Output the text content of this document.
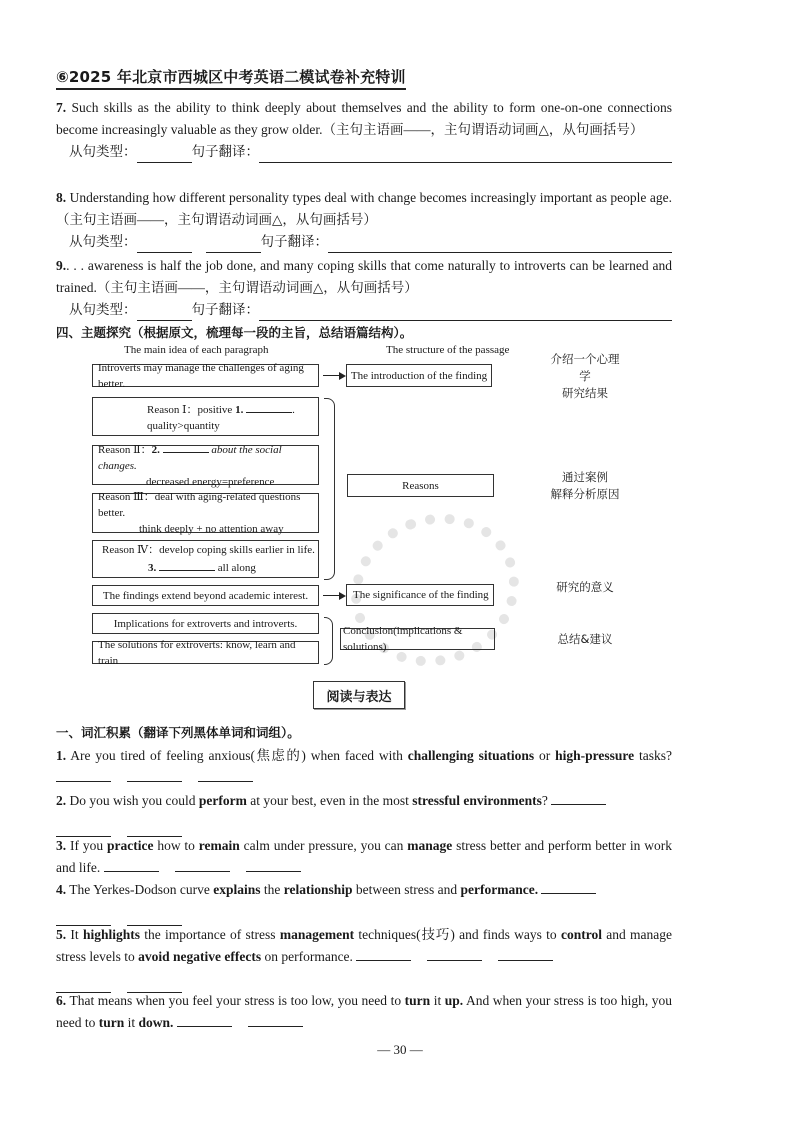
⑥2025 年北京市西城区中考英语二模试卷补充特训
7. Such skills as the ability to think deeply about themselves and the ability to form one-on-one connections become increasingly valuable as they grow older.（主句主语画——，主句谓语动词画△，从句画括号）
从句类型：	句子翻译：
8. Understanding how different personality types deal with change becomes increasingly important as people age.（主句主语画——，主句谓语动词画△，从句画括号）
从句类型：	句子翻译：
9.. . . awareness is half the job done, and many coping skills that come naturally to introverts can be learned and trained.（主句主语画——，主句谓语动词画△，从句画括号）
从句类型：	句子翻译：
四、主题探究（根据原文，梳理每一段的主旨，总结语篇结构）。
The main idea of each paragraph	The structure of the passage
Introverts may manage the challenges of aging better.
The introduction of the finding
介绍一个心理学
研究结果
Reason Ⅰ：positive 1.	.
quality>quantity
Reason Ⅱ：2.	about the social changes.
decreased energy=preference
Reason Ⅲ：deal with aging-related questions better.
think deeply + no attention away
Reason Ⅳ：develop coping skills earlier in life.
3.	all along
Reasons
通过案例
解释分析原因
The findings extend beyond academic interest.	The significance of the finding
研究的意义
Implications for extroverts and introverts.
The solutions for extroverts: know, learn and train
Conclusion(implications & solutions)
总结&建议
阅读与表达
一、词汇积累（翻译下列黑体单词和词组）。
1. Are you tired of feeling anxious(焦虑的) when faced with challenging situations or high-pressure tasks?
2. Do you wish you could perform at your best, even in the most stressful environments?

3. If you practice how to remain calm under pressure, you can manage stress better and perform better in work and life.
4. The Yerkes-Dodson curve explains the relationship between stress and performance.

5. It highlights the importance of stress management techniques(技巧) and finds ways to control and manage stress levels to avoid negative effects on performance.

6. That means when you feel your stress is too low, you need to turn it up. And when your stress is too high, you need to turn it down.
— 30 —
